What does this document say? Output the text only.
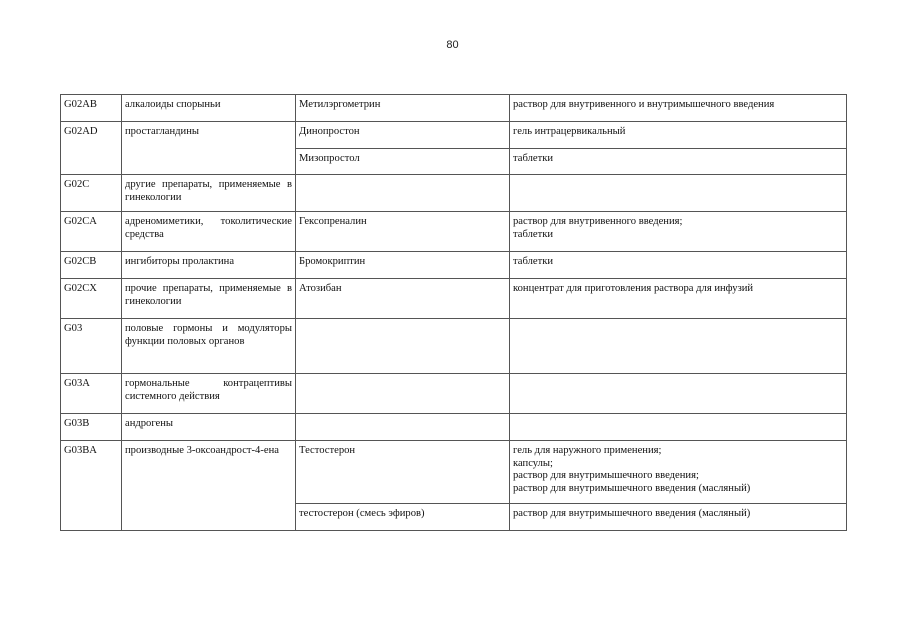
80
G02AB	алкалоиды спорыньи	Метилэргометрин	раствор для внутривенного и внутримышечного введения

G02AD	простагландины	Динопростон	гель интрацервикальный

		Мизопростол	таблетки

G02C	другие препараты, применяемые в гинекологии		
G02CA	адреномиметики, токолитические средства	Гексопреналин	раствор для внутривенного введения;
таблетки

G02CB	ингибиторы пролактина	Бромокриптин	таблетки

G02CX	прочие препараты, применяемые в гинекологии	Атозибан	концентрат для приготовления раствора для инфузий

G03	половые гормоны и модуляторы функции половых органов		
G03A	гормональные контрацептивы системного действия		
G03B	андрогены		
G03BA	производные 3-оксоандрост-4-ена	Тестостерон	гель для наружного применения;
капсулы;
раствор для внутримышечного введения;
раствор для внутримышечного введения (масляный)

		тестостерон (смесь эфиров)	раствор для внутримышечного введения (масляный)
